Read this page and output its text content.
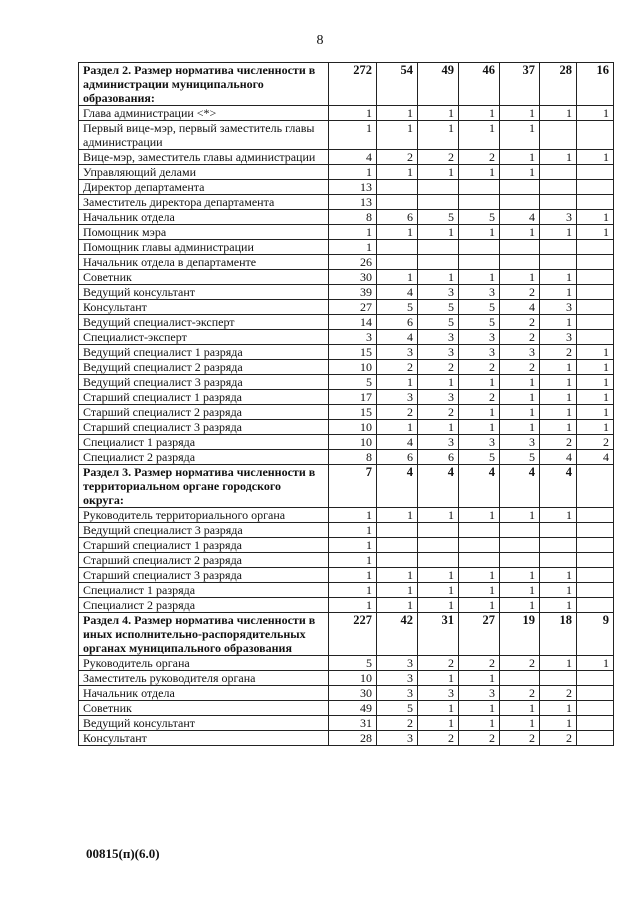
8
Раздел 2. Размер норматива численности в администрации муниципального образования:	272	54	49	46	37	28	16
Глава администрации <*>	1	1	1	1	1	1	1
Первый вице-мэр, первый заместитель главы администрации	1	1	1	1	1		
Вице-мэр, заместитель главы администрации	4	2	2	2	1	1	1
Управляющий делами	1	1	1	1	1		
Директор департамента	13						
Заместитель директора департамента	13						
Начальник отдела	8	6	5	5	4	3	1
Помощник мэра	1	1	1	1	1	1	1
Помощник главы администрации	1						
Начальник отдела в департаменте	26						
Советник	30	1	1	1	1	1	
Ведущий консультант	39	4	3	3	2	1	
Консультант	27	5	5	5	4	3	
Ведущий специалист-эксперт	14	6	5	5	2	1	
Специалист-эксперт	3	4	3	3	2	3	
Ведущий специалист 1 разряда	15	3	3	3	3	2	1
Ведущий специалист 2 разряда	10	2	2	2	2	1	1
Ведущий специалист 3 разряда	5	1	1	1	1	1	1
Старший специалист 1 разряда	17	3	3	2	1	1	1
Старший специалист 2 разряда	15	2	2	1	1	1	1
Старший специалист 3 разряда	10	1	1	1	1	1	1
Специалист 1 разряда	10	4	3	3	3	2	2
Специалист 2 разряда	8	6	6	5	5	4	4
Раздел 3. Размер норматива численности в территориальном органе городского округа:	7	4	4	4	4	4	
Руководитель территориального органа	1	1	1	1	1	1	
Ведущий специалист 3 разряда	1						
Старший специалист 1 разряда	1						
Старший специалист 2 разряда	1						
Старший специалист 3 разряда	1	1	1	1	1	1	
Специалист 1 разряда	1	1	1	1	1	1	
Специалист 2 разряда	1	1	1	1	1	1	
Раздел 4. Размер норматива численности в иных исполнительно-распорядительных органах муниципального образования	227	42	31	27	19	18	9
Руководитель органа	5	3	2	2	2	1	1
Заместитель руководителя органа	10	3	1	1			
Начальник отдела	30	3	3	3	2	2	
Советник	49	5	1	1	1	1	
Ведущий консультант	31	2	1	1	1	1	
Консультант	28	3	2	2	2	2	
00815(п)(6.0)
